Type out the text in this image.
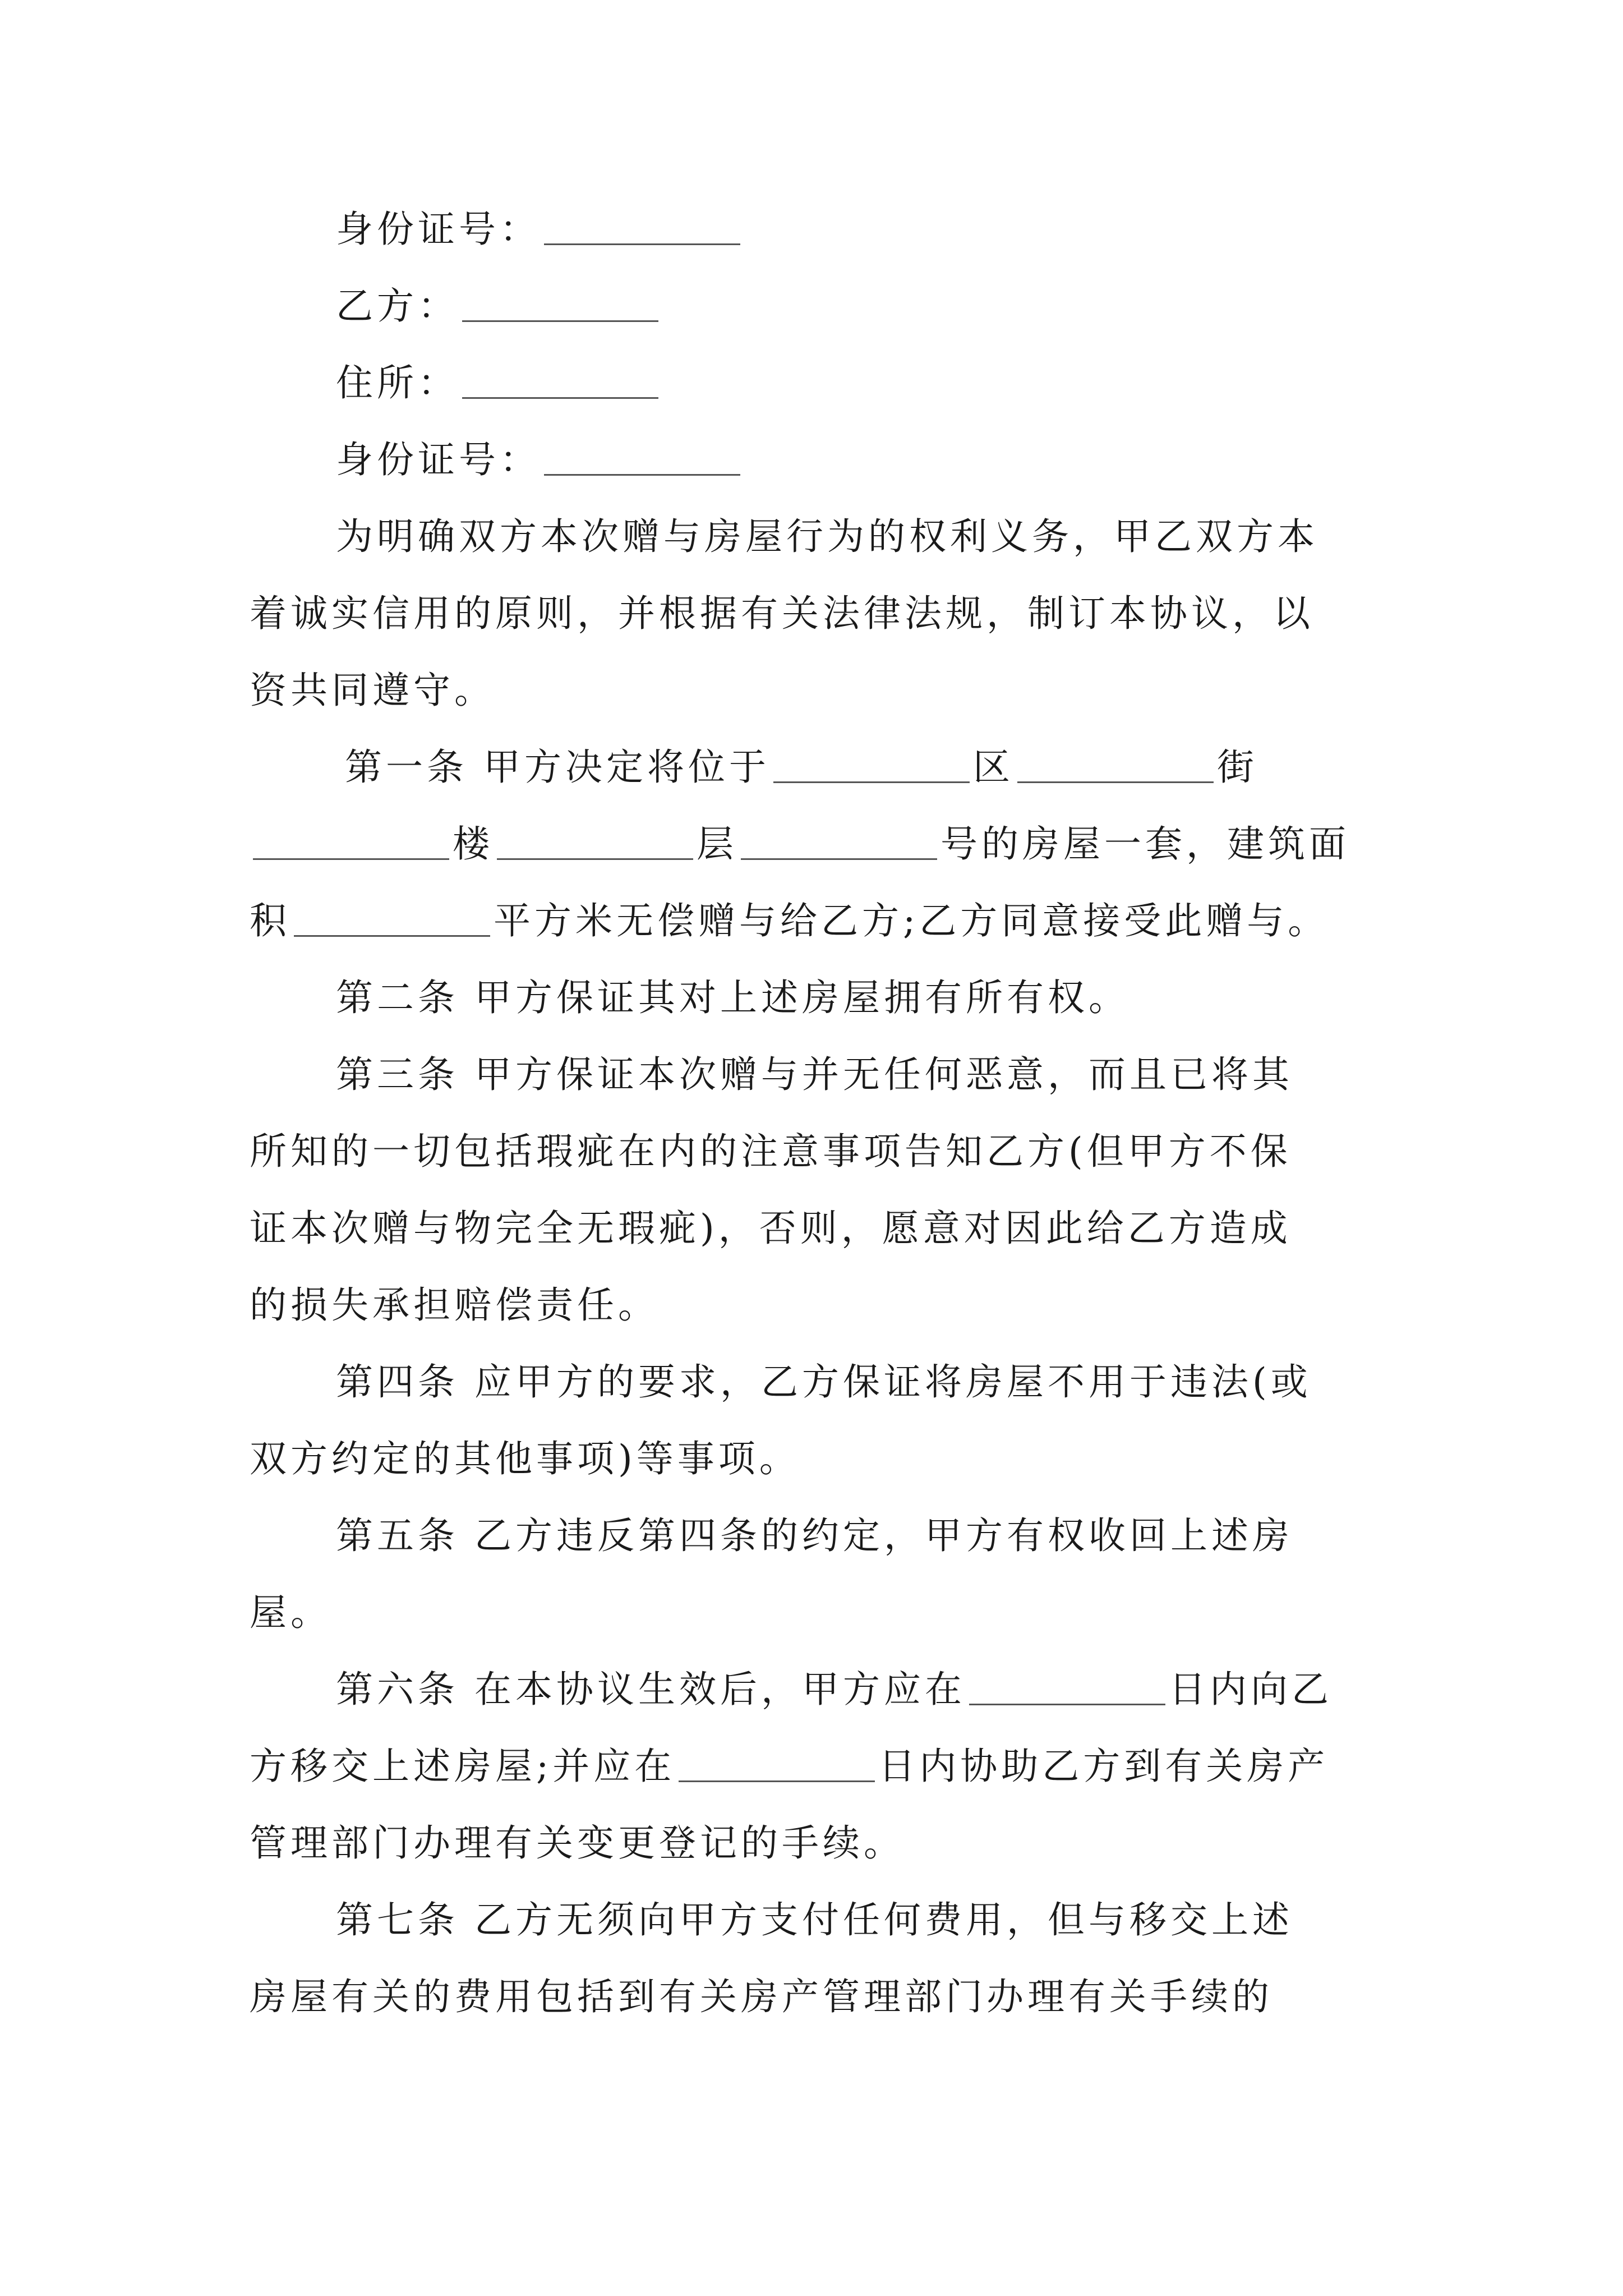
身份证号：
乙方：
住所：
身份证号：
为明确双方本次赠与房屋行为的权利义务，甲乙双方本
着诚实信用的原则，并根据有关法律法规，制订本协议，以
资共同遵守。
第一条 甲方决定将位于	区	街
楼	层	号的房屋一套，建筑面
积	平方米无偿赠与给乙方;乙方同意接受此赠与。
第二条 甲方保证其对上述房屋拥有所有权。
第三条 甲方保证本次赠与并无任何恶意，而且已将其
所知的一切包括瑕疵在内的注意事项告知乙方(但甲方不保
证本次赠与物完全无瑕疵)，否则，愿意对因此给乙方造成
的损失承担赔偿责任。
第四条 应甲方的要求，乙方保证将房屋不用于违法(或
双方约定的其他事项)等事项。
第五条 乙方违反第四条的约定，甲方有权收回上述房
屋。
第六条 在本协议生效后，甲方应在	日内向乙
方移交上述房屋;并应在	日内协助乙方到有关房产
管理部门办理有关变更登记的手续。
第七条 乙方无须向甲方支付任何费用，但与移交上述
房屋有关的费用包括到有关房产管理部门办理有关手续的
